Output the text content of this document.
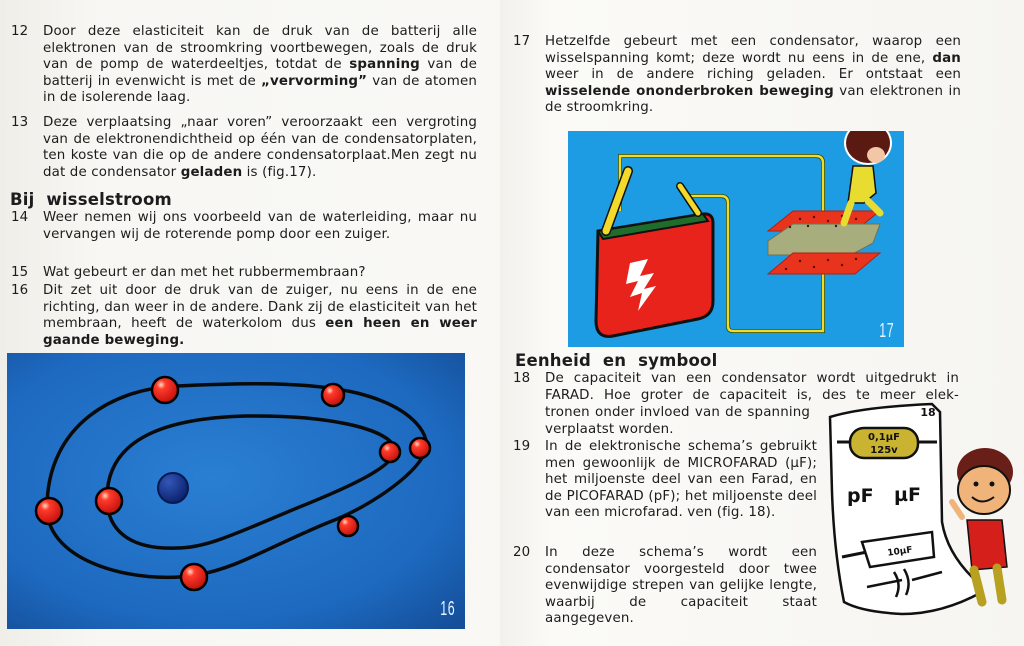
12 Door deze elasticiteit kan de druk van de batterij alle elektronen van de stroomkring voortbewegen, zoals de druk van de pomp de waterdeeltjes, totdat de spanning van de batterij in evenwicht is met de „vervorming” van de atomen in de isolerende laag.
13 Deze verplaatsing „naar voren” veroorzaakt een vergroting van de elektronendichtheid op één van de condensatorplaten, ten koste van die op de andere condensatorplaat.Men zegt nu dat de condensator geladen is (fig.17).
Bij  wisselstroom
14 Weer nemen wij ons voorbeeld van de waterleiding, maar nu vervangen wij de roterende pomp door een zuiger.
15 Wat gebeurt er dan met het rubbermembraan?
16 Dit zet uit door de druk van de zuiger, nu eens in de ene richting, dan weer in de andere. Dank zij de elasticiteit van het membraan, heeft de waterkolom dus een heen en weer gaande beweging.
16
17 Hetzelfde gebeurt met een condensator, waarop een wisselspanning komt; deze wordt nu eens in de ene, dan weer in de andere riching geladen. Er ontstaat een wisselende ononderbroken beweging van elektronen in de stroomkring.
17
Eenheid  en  symbool
18 De capaciteit van een condensator wordt uitgedrukt in FARAD. Hoe groter de capaciteit is, des te meer elek-
tronen onder invloed van de spanning verplaatst worden.
19 In de elektronische schema’s gebruikt men gewoonlijk de MICROFARAD (µF); het miljoenste deel van een Farad, en de PICOFARAD (pF); het miljoenste deel van een microfarad. ven (fig. 18).
20 In deze schema’s wordt een condensator voorgesteld door twee evenwijdige strepen van gelijke lengte, waarbij de capaciteit staat aangegeven.
0,1µF
125v
18
pF µF
10µF
